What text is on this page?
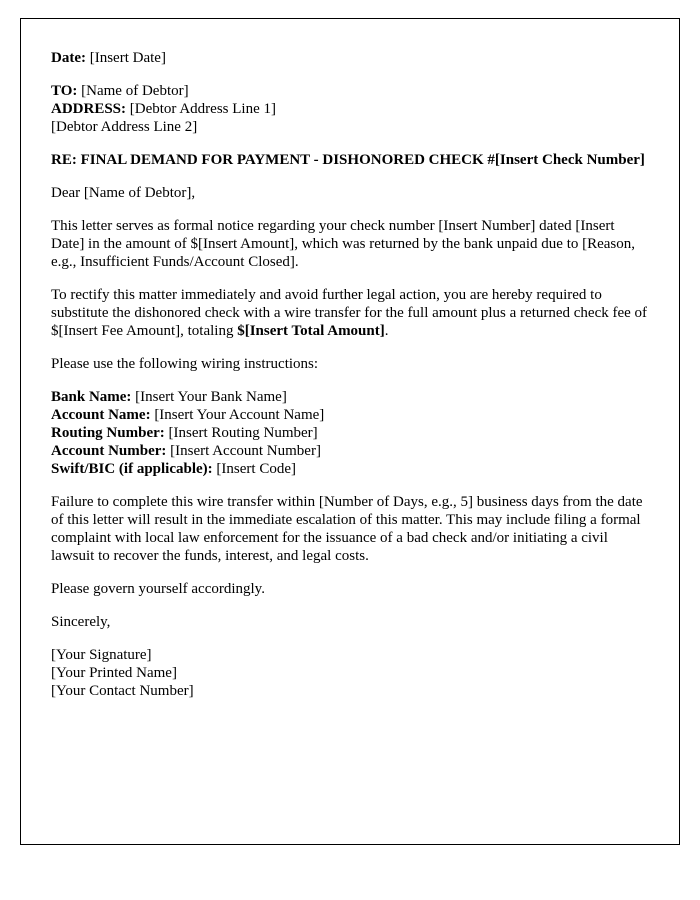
Date: [Insert Date]

TO: [Name of Debtor]

ADDRESS: [Debtor Address Line 1]

[Debtor Address Line 2]

RE: FINAL DEMAND FOR PAYMENT - DISHONORED CHECK #[Insert Check Number]

Dear [Name of Debtor],

This letter serves as formal notice regarding your check number [Insert Number] dated [Insert Date] in the amount of $[Insert Amount], which was returned by the bank unpaid due to [Reason, e.g., Insufficient Funds/Account Closed].

To rectify this matter immediately and avoid further legal action, you are hereby required to substitute the dishonored check with a wire transfer for the full amount plus a returned check fee of $[Insert Fee Amount], totaling $[Insert Total Amount].

Please use the following wiring instructions:

Bank Name: [Insert Your Bank Name]

Account Name: [Insert Your Account Name]

Routing Number: [Insert Routing Number]

Account Number: [Insert Account Number]

Swift/BIC (if applicable): [Insert Code]

Failure to complete this wire transfer within [Number of Days, e.g., 5] business days from the date of this letter will result in the immediate escalation of this matter. This may include filing a formal complaint with local law enforcement for the issuance of a bad check and/or initiating a civil lawsuit to recover the funds, interest, and legal costs.

Please govern yourself accordingly.

Sincerely,

[Your Signature]

[Your Printed Name]

[Your Contact Number]
